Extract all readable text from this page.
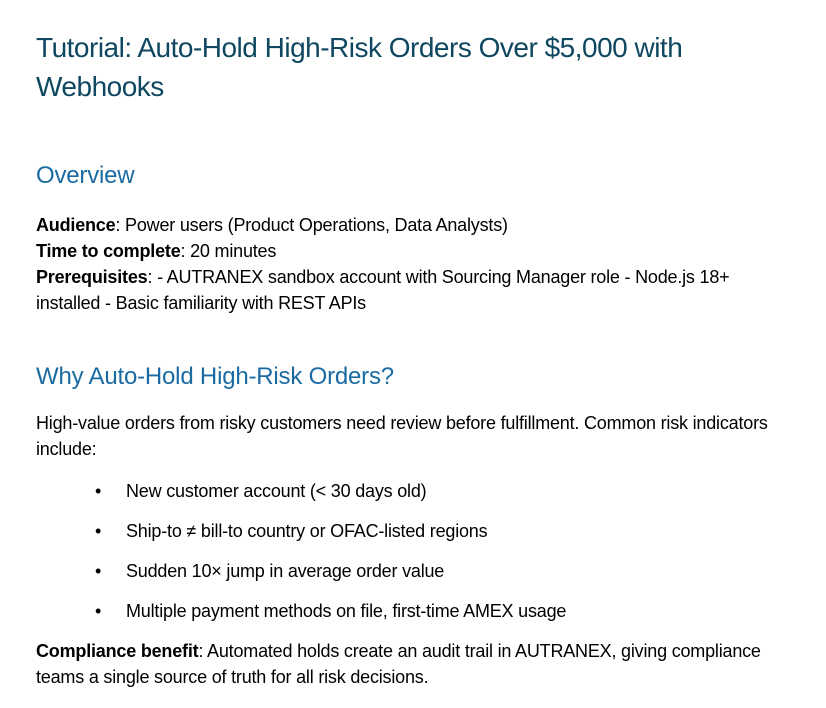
Tutorial: Auto-Hold High-Risk Orders Over $5,000 with Webhooks
Overview

Audience: Power users (Product Operations, Data Analysts)
Time to complete: 20 minutes
Prerequisites: - AUTRANEX sandbox account with Sourcing Manager role - Node.js 18+ installed - Basic familiarity with REST APIs

Why Auto-Hold High-Risk Orders?

High-value orders from risky customers need review before fulfillment. Common risk indicators include:

• New customer account (< 30 days old)
• Ship-to ≠ bill-to country or OFAC-listed regions
• Sudden 10× jump in average order value
• Multiple payment methods on file, first-time AMEX usage

Compliance benefit: Automated holds create an audit trail in AUTRANEX, giving compliance teams a single source of truth for all risk decisions.
